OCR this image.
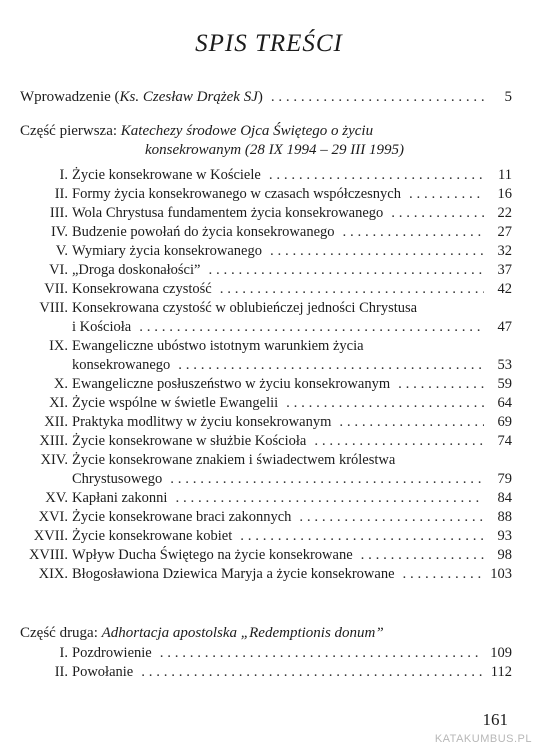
SPIS TREŚCI
Wprowadzenie (Ks. Czesław Drążek SJ) . . .	5
Część pierwsza: Katechezy środowe Ojca Świętego o życiu
konsekrowanym (28 IX 1994 – 29 III 1995)
I. Życie konsekrowane w Kościele . . .	11
II. Formy życia konsekrowanego w czasach współczesnych . . .	16
III. Wola Chrystusa fundamentem życia konsekrowanego . . .	22
IV. Budzenie powołań do życia konsekrowanego . . .	27
V. Wymiary życia konsekrowanego . . .	32
VI. „Droga doskonałości” . . .	37
VII. Konsekrowana czystość . . .	42
VIII. Konsekrowana czystość w oblubieńczej jedności Chrystusa
i Kościoła . . .	47
IX. Ewangeliczne ubóstwo istotnym warunkiem życia
konsekrowanego . . .	53
X. Ewangeliczne posłuszeństwo w życiu konsekrowanym . . .	59
XI. Życie wspólne w świetle Ewangelii . . .	64
XII. Praktyka modlitwy w życiu konsekrowanym . . .	69
XIII. Życie konsekrowane w służbie Kościoła . . .	74
XIV. Życie konsekrowane znakiem i świadectwem królestwa
Chrystusowego . . .	79
XV. Kapłani zakonni . . .	84
XVI. Życie konsekrowane braci zakonnych . . .	88
XVII. Życie konsekrowane kobiet . . .	93
XVIII. Wpływ Ducha Świętego na życie konsekrowane . . .	98
XIX. Błogosławiona Dziewica Maryja a życie konsekrowane . . .	103
Część druga: Adhortacja apostolska „Redemptionis donum”
I. Pozdrowienie . . .	109
II. Powołanie . . .	112
161
KATAKUMBUS.PL
